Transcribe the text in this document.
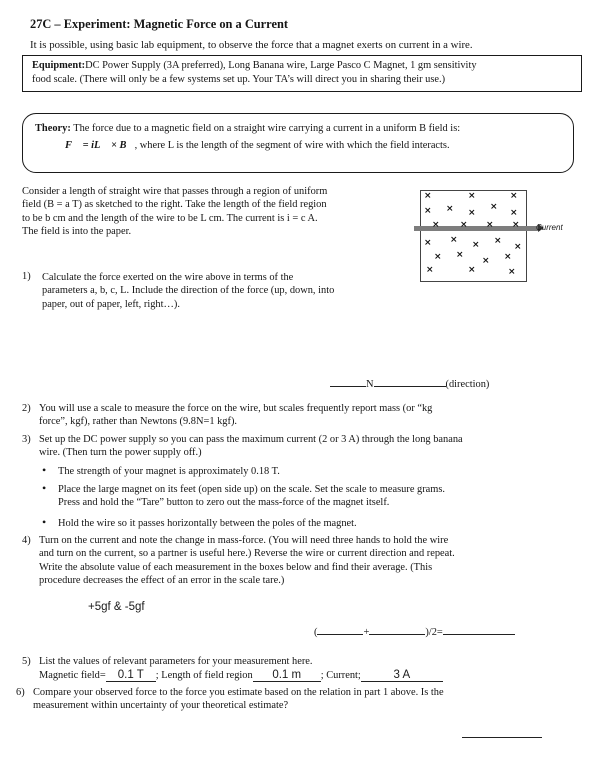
27C – Experiment: Magnetic Force on a Current
It is possible, using basic lab equipment, to observe the force that a magnet exerts on current in a wire.
Equipment:DC Power Supply (3A preferred), Long Banana wire, Large Pasco C Magnet, 1 gm sensitivity
food scale. (There will only be a few systems set up. Your TA’s will direct you in sharing their use.)
Theory: The force due to a magnetic field on a straight wire carrying a current in a uniform B field is:
F⃗ = iL⃗ × B⃗, where L is the length of the segment of wire with which the field interacts.
Consider a length of straight wire that passes through a region of uniform
field (B = a T) as sketched to the right. Take the length of the field region
to be b cm and the length of the wire to be L cm. The current is i = c A.
The field is into the paper.	Current
×	×	×
× × ×
×
×
× × × ×
× × × ×
×
× ×
× ×
×	×	×
1) Calculate the force exerted on the wire above in terms of the
parameters a, b, c, L. Include the direction of the force (up, down, into
paper, out of paper, left, right…).
N	(direction)
2) You will use a scale to measure the force on the wire, but scales frequently report mass (or “kg
force”, kgf), rather than Newtons (9.8N=1 kgf).
3) Set up the DC power supply so you can pass the maximum current (2 or 3 A) through the long banana
wire. (Then turn the power supply off.)
• The strength of your magnet is approximately 0.18 T.
• Place the large magnet on its feet (open side up) on the scale. Set the scale to measure grams.
Press and hold the “Tare” button to zero out the mass-force of the magnet itself.
• Hold the wire so it passes horizontally between the poles of the magnet.
4) Turn on the current and note the change in mass-force. (You will need three hands to hold the wire
and turn on the current, so a partner is useful here.) Reverse the wire or current direction and repeat.
Write the absolute value of each measurement in the boxes below and find their average. (This
procedure decreases the effect of an error in the scale tare.)
+5gf & -5gf
(	+	)/2=
5) List the values of relevant parameters for your measurement here.
Magnetic field= 0.1 T ; Length of field region 0.1 m ; Current;	3 A
6) Compare your observed force to the force you estimate based on the relation in part 1 above. Is the
measurement within uncertainty of your theoretical estimate?
